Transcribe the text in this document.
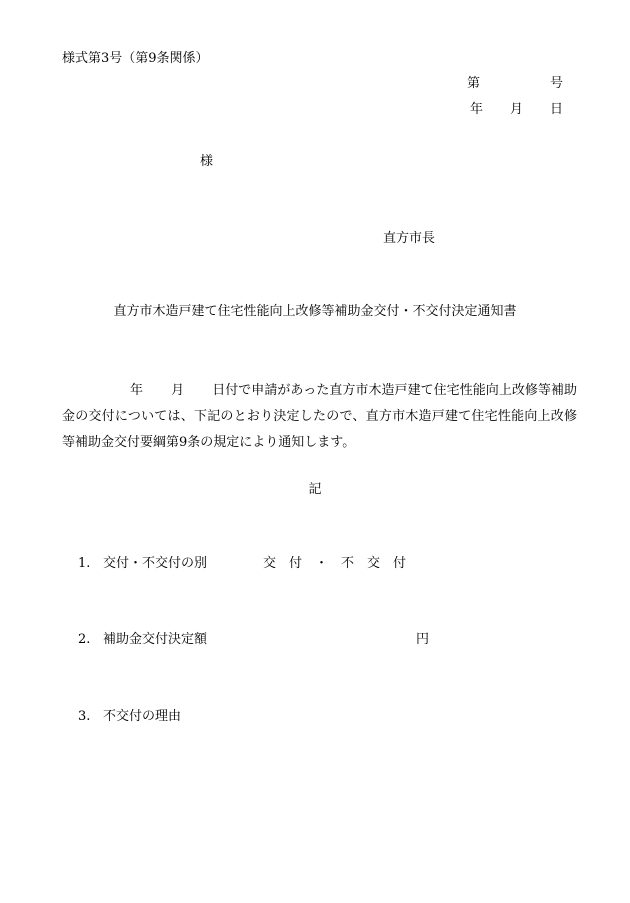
様式第3号（第9条関係）
第	号
年 月 日
様
直方市長
直方市木造戸建て住宅性能向上改修等補助金交付・不交付決定通知書
年 月 日付で申請があった直方市木造戸建て住宅性能向上改修等補助金の交付については、下記のとおり決定したので、直方市木造戸建て住宅性能向上改修等補助金交付要綱第9条の規定により通知します。
記
1. 交付・不交付の別	交　付　・　不　交　付
2. 補助金交付決定額	円
3. 不交付の理由
